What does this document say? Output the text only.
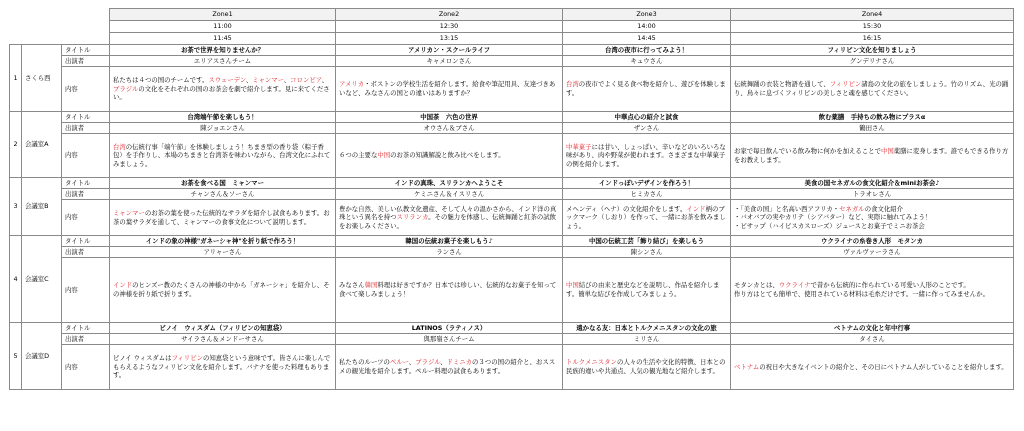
			Zone1	Zone2	Zone3	Zone4
			11:00	12:30	14:00	15:30
			11:45	13:15	14:45	16:15
1	さくら西	タイトル	お茶で世界を知りませんか？	アメリカン・スクールライフ	台湾の夜市に行ってみよう！	フィリピン文化を知りましょう
		出演者	エリアスさんチーム	キャメロンさん	キュウさん	グンデリナさん
		内容	私たちは４つの国のチームです。スウェーデン、ミャンマー、コロンビア、ブラジルの文化をそれぞれの国のお茶会を劇で紹介します。見に来てください。	アメリカ・ボストンの学校生活を紹介します。給食や筆記用具、友達づきあいなど、みなさんの国との違いはありますか？	台湾の夜市でよく見る食べ物を紹介し、遊びを体験します。	伝統舞踊の衣装と物語を通して、フィリピン諸島の文化の旅をしましょう。竹のリズム、光の踊り、鳥々に息づくフィリピンの美しさと魂を感じてください。
2	会議室A	タイトル	台湾端午節を楽しもう！	中国茶　六色の世界	中華点心の紹介と試食	飲む薬膳　手持ちの飲み物にプラスα
		出演者	陳ジョエンさん	オウさん＆ブさん	ザンさん	鶴田さん
		内容	台湾の伝統行事「端午節」を体験しましょう！ちまき型の香り袋（粽子香包）を手作りし、本場のちまきと台湾茶を味わいながら、台湾文化にふれてみましょう。	６つの主要な中国のお茶の知識解説と飲み比べをします。	中華菓子には甘い、しょっぱい、辛いなどのいろいろな味があり、肉や野菜が使われます。さまざまな中華菓子の例を紹介します。	お家で毎日飲んでいる飲み物に何かを加えることで中国薬膳に変身します。誰でもできる作り方をお教えします。
3	会議室B	タイトル	お茶を食べる国　ミャンマー	インドの真珠、スリランカへようこそ	インドっぽいデザインを作ろう！	美食の国セネガルの食文化紹介＆miniお茶会♪
		出演者	チャンさん＆ソーさん	ケミニさん＆イスリさん	ヒミカさん	トラオレさん
		内容	ミャンマーのお茶の葉を使った伝統的なサラダを紹介し試食もあります。お茶の葉サラダを通して、ミャンマーの食事文化について説明します。	豊かな自然、美しい仏教文化遺産、そして人々の温かさから、インド洋の真珠という異名を持つスリランカ。その魅力を体感し、伝統舞踊と紅茶の試飲をお楽しみください。	メヘンディ（ヘナ）の文化紹介をします。インド柄のブックマーク（しおり）を作って、一緒にお茶を飲みましょう。	・「美食の国」と名高い西アフリカ・セネガルの食文化紹介
・バオバブの実やカリテ（シアバター）など、実際に触れてみよう！
・ビサップ（ハイビスカスローズ）ジュースとお菓子でミニお茶会
4	会議室C	タイトル	インドの象の神様"ガネーシャ神"を折り紙で作ろう！	韓国の伝統お菓子を楽しもう♪	中国の伝統工芸「飾り結び」を楽しもう	ウクライナの糸巻き人形　モタンカ
		出演者	アリャーさん	ランさん	陳シンさん	ヴァルヴァーラさん
		内容	インドのヒンズー教のたくさんの神様の中から「ガネーシャ」を紹介し、その神様を折り紙で折ります。	みなさん韓国料理は好きですか？日本では珍しい、伝統的なお菓子を知って食べて楽しみましょう！	中国結びの由来と歴史などを説明し、作品を紹介します。簡単な結びを作成してみましょう。	モタンカとは、ウクライナで昔から伝統的に作られている可愛い人形のことです。
作り方はとても簡単で、使用されている材料は毛糸だけです。一緒に作ってみませんか。
5	会議室D	タイトル	ビノイ　ウィスダム（フィリピンの知恵袋）	LATINOS（ラティノス）	遠かなる友：日本とトルクメニスタンの文化の旅	ベトナムの文化と年中行事
		出演者	サイラさん＆メンドーサさん	與那嶺さんチーム	ミリさん	タイさん
		内容	ピノイ ウィスダムはフィリピンの知恵袋という意味です。皆さんに楽しんでもらえるようなフィリピン文化を紹介します。バナナを使った料理もあります。	私たちのルーツのペルー、ブラジル、ドミニカの３つの国の紹介と、おススメの観光地を紹介します。ペルー料理の試食もあります。	トルクメニスタンの人々の生活や文化的特徴、日本との民族的違いや共通点、人気の観光地など紹介します。	ベトナムの祝日や大きなイベントの紹介と、その日にベトナム人がしていることを紹介します。
